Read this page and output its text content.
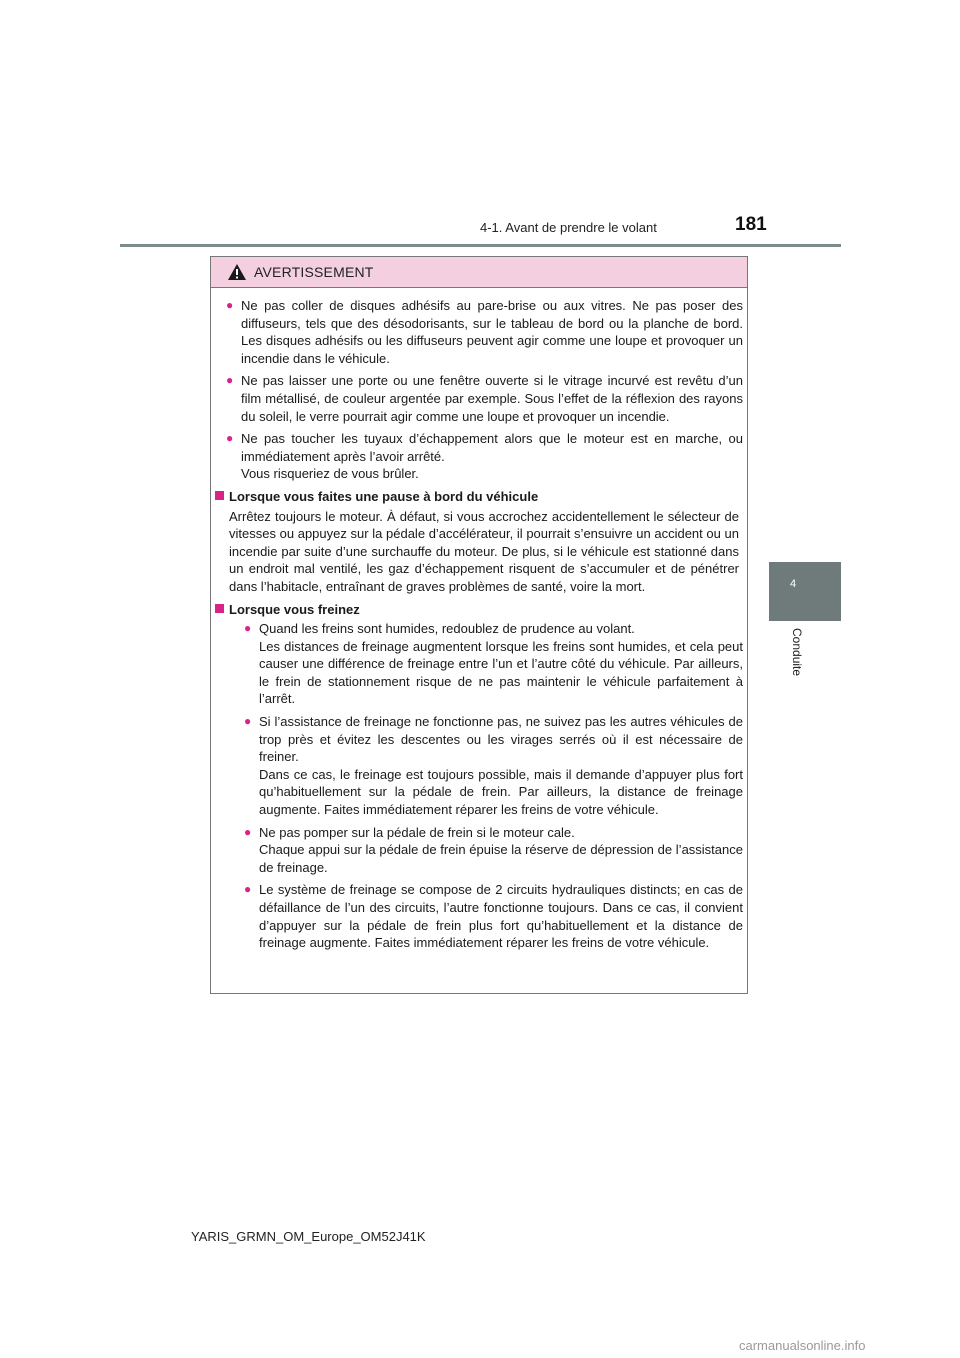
4-1. Avant de prendre le volant	181
4
Conduite
AVERTISSEMENT
● Ne pas coller de disques adhésifs au pare-brise ou aux vitres. Ne pas poser des diffuseurs, tels que des désodorisants, sur le tableau de bord ou la planche de bord. Les disques adhésifs ou les diffuseurs peuvent agir comme une loupe et provoquer un incendie dans le véhicule.
● Ne pas laisser une porte ou une fenêtre ouverte si le vitrage incurvé est revêtu d’un film métallisé, de couleur argentée par exemple. Sous l’effet de la réflexion des rayons du soleil, le verre pourrait agir comme une loupe et provoquer un incendie.
● Ne pas toucher les tuyaux d’échappement alors que le moteur est en marche, ou immédiatement après l’avoir arrêté.
Vous risqueriez de vous brûler.
Lorsque vous faites une pause à bord du véhicule
Arrêtez toujours le moteur. À défaut, si vous accrochez accidentellement le sélecteur de vitesses ou appuyez sur la pédale d’accélérateur, il pourrait s’ensuivre un accident ou un incendie par suite d’une surchauffe du moteur. De plus, si le véhicule est stationné dans un endroit mal ventilé, les gaz d’échappement risquent de s’accumuler et de pénétrer dans l’habitacle, entraînant de graves problèmes de santé, voire la mort.
Lorsque vous freinez
● Quand les freins sont humides, redoublez de prudence au volant.
Les distances de freinage augmentent lorsque les freins sont humides, et cela peut causer une différence de freinage entre l’un et l’autre côté du véhicule. Par ailleurs, le frein de stationnement risque de ne pas maintenir le véhicule parfaitement à l’arrêt.
● Si l’assistance de freinage ne fonctionne pas, ne suivez pas les autres véhicules de trop près et évitez les descentes ou les virages serrés où il est nécessaire de freiner.
Dans ce cas, le freinage est toujours possible, mais il demande d’appuyer plus fort qu’habituellement sur la pédale de frein. Par ailleurs, la distance de freinage augmente. Faites immédiatement réparer les freins de votre véhicule.
● Ne pas pomper sur la pédale de frein si le moteur cale.
Chaque appui sur la pédale de frein épuise la réserve de dépression de l’assistance de freinage.
● Le système de freinage se compose de 2 circuits hydrauliques distincts; en cas de défaillance de l’un des circuits, l’autre fonctionne toujours. Dans ce cas, il convient d’appuyer sur la pédale de frein plus fort qu’habituellement et la distance de freinage augmente. Faites immédiatement réparer les freins de votre véhicule.
YARIS_GRMN_OM_Europe_OM52J41K
carmanualsonline.info
